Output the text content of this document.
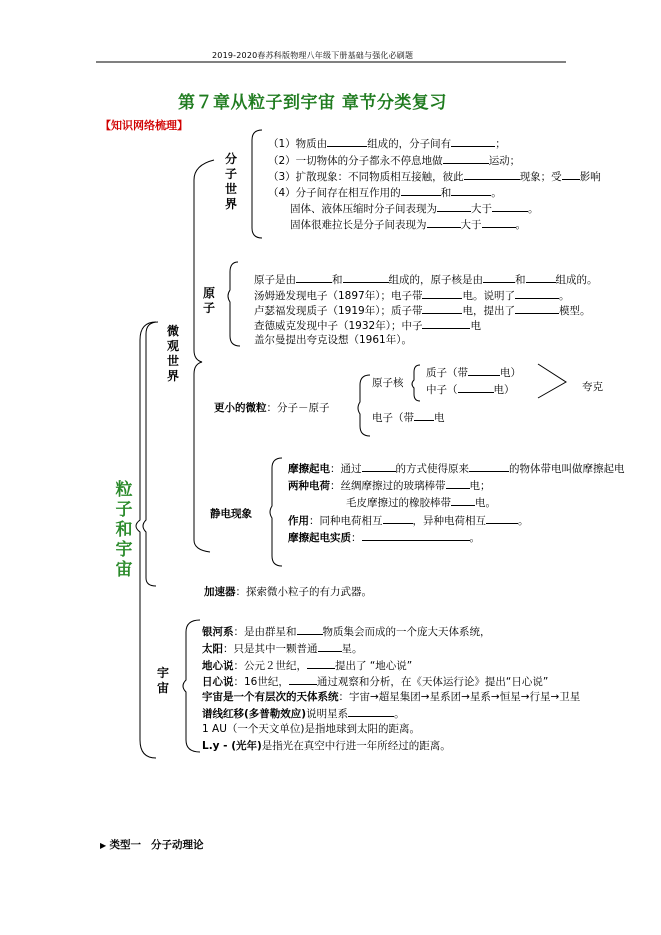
2019-2020春苏科版物理八年级下册基础与强化必刷题
第７章从粒子到宇宙 章节分类复习
【知识网络梳理】
粒子和宇宙
微观世界
分子世界
原子
宇宙
（1）物质由	组成的，分子间有	；
（2）一切物体的分子都永不停息地做	运动；
（3）扩散现象：不同物质相互接触，彼此	现象；受 影响
（4）分子间存在相互作用的	和	。
固体、液体压缩时分子间表现为	大于	。
固体很难拉长是分子间表现为	大于	。
原子是由	和	组成的，原子核是由	和	组成的。
汤姆逊发现电子（1897年）；电子带	电。说明了	。
卢瑟福发现质子（1919年）；质子带	电，提出了	模型。
查德威克发现中子（1932年）；中子	电
盖尔曼提出夸克设想（1961年）。
更小的微粒：分子－原子
原子核
质子（带	电）
中子（	电）	夸克
电子（带 电
静电现象
摩擦起电：通过	的方式使得原来	的物体带电叫做摩擦起电
两种电荷：丝绸摩擦过的玻璃棒带 电；
毛皮摩擦过的橡胶棒带 电。
作用：同种电荷相互	，异种电荷相互	。
摩擦起电实质：	。
加速器：探索微小粒子的有力武器。
银河系：是由群星和 物质集会而成的一个庞大天体系统，
太阳：只是其中一颗普通 星。
地心说：公元２世纪，	提出了 “地心说”
日心说：16世纪，	通过观察和分析，在《天体运行论》提出“日心说”
宇宙是一个有层次的天体系统：宇宙→超星集团→星系团→星系→恒星→行星→卫星
谱线红移(多普勒效应)说明星系	。
1 AU（一个天文单位)是指地球到太阳的距离。
L.y - (光年)是指光在真空中行进一年所经过的距离。
▶ 类型一 分子动理论
